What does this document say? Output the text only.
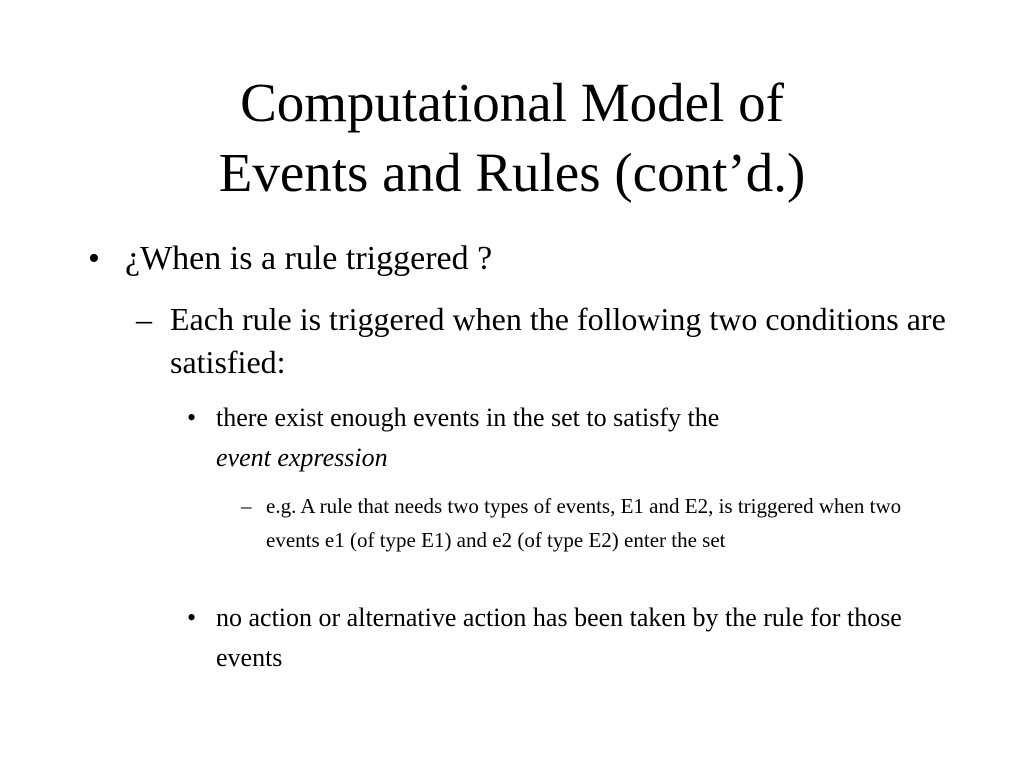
Computational Model of
Events and Rules (cont’d.)
• ¿When is a rule triggered ?
– Each rule is triggered when the following two conditions are satisfied:
• there exist enough events in the set to satisfy the
event expression
– e.g. A rule that needs two types of events, E1 and E2, is triggered when two events e1 (of type E1) and e2 (of type E2) enter the set
• no action or alternative action has been taken by the rule for those events
